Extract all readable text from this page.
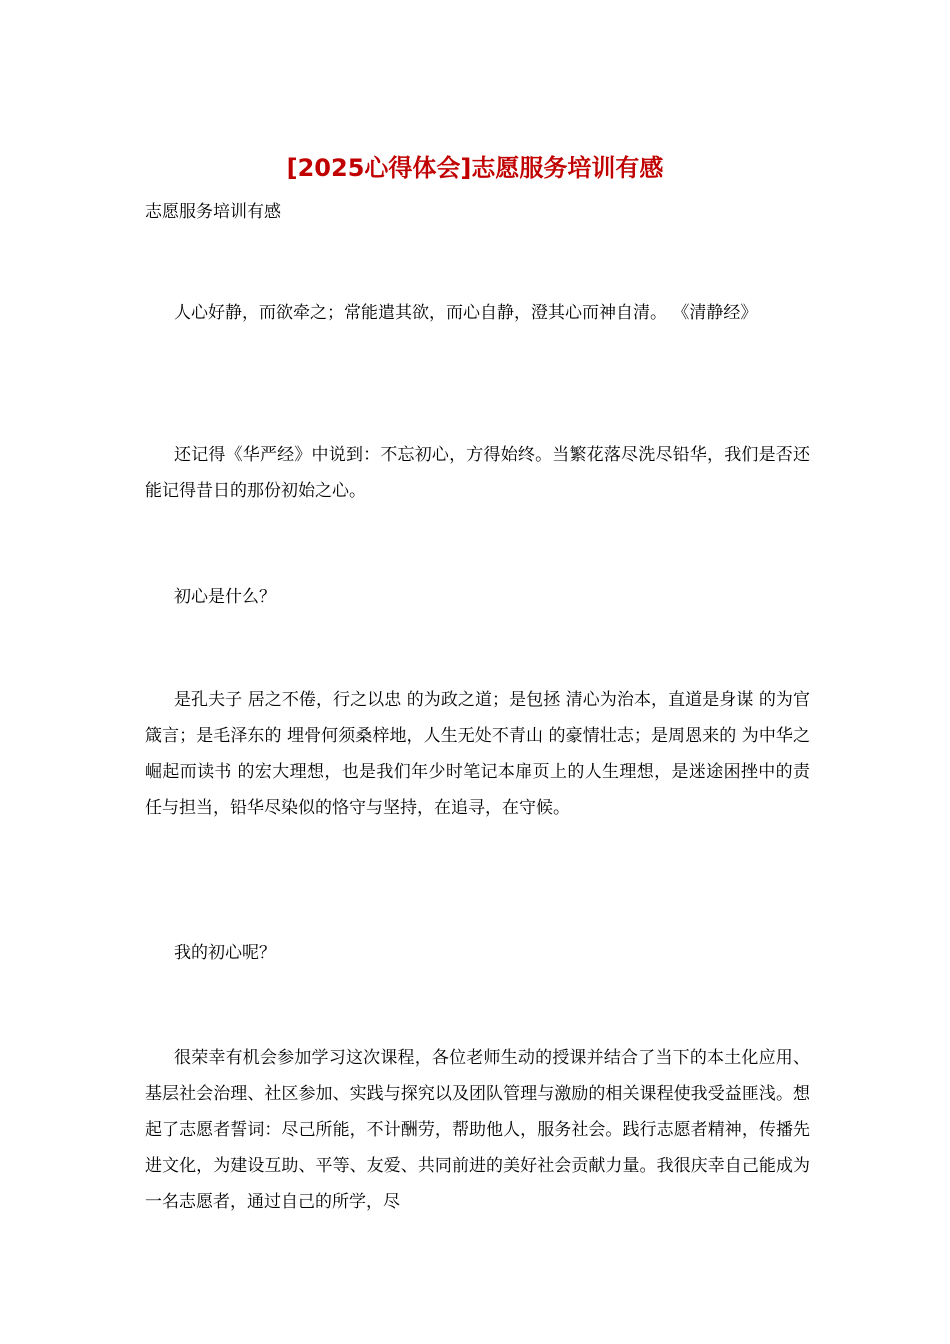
[2025心得体会]志愿服务培训有感

志愿服务培训有感

人心好静，而欲牵之；常能遣其欲，而心自静，澄其心而神自清。 《清静经》

还记得《华严经》中说到：不忘初心，方得始终。当繁花落尽洗尽铅华，我们是否还能记得昔日的那份初始之心。

初心是什么？

是孔夫子 居之不倦，行之以忠 的为政之道；是包拯 清心为治本，直道是身谋 的为官箴言；是毛泽东的 埋骨何须桑梓地，人生无处不青山 的豪情壮志；是周恩来的 为中华之崛起而读书 的宏大理想，也是我们年少时笔记本扉页上的人生理想，是迷途困挫中的责任与担当，铅华尽染似的恪守与坚持，在追寻，在守候。

我的初心呢？

很荣幸有机会参加学习这次课程，各位老师生动的授课并结合了当下的本土化应用、基层社会治理、社区参加、实践与探究以及团队管理与激励的相关课程使我受益匪浅。想起了志愿者誓词：尽己所能，不计酬劳，帮助他人，服务社会。践行志愿者精神，传播先进文化，为建设互助、平等、友爱、共同前进的美好社会贡献力量。我很庆幸自己能成为一名志愿者，通过自己的所学，尽
